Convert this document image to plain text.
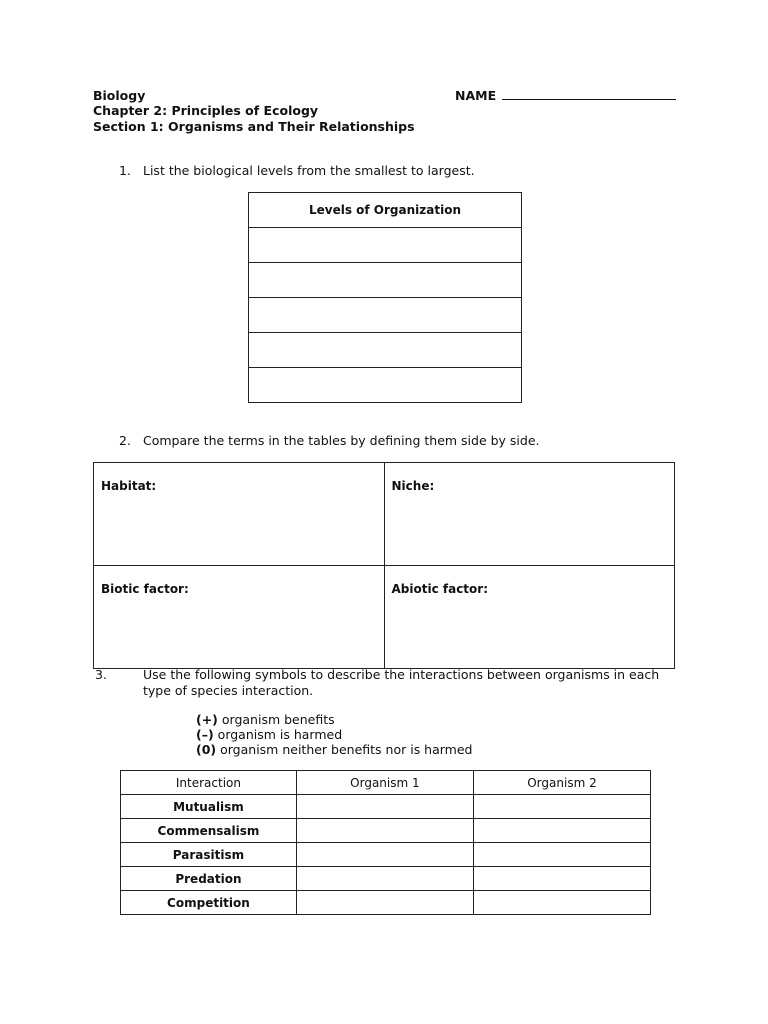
Biology
Chapter 2: Principles of Ecology
Section 1: Organisms and Their Relationships
NAME
1. List the biological levels from the smallest to largest.
Levels of Organization

2. Compare the terms in the tables by defining them side by side.
Habitat:	Niche:
Biotic factor:	Abiotic factor:
3.	Use the following symbols to describe the interactions between organisms in each type of species interaction.
(+) organism benefits
(–) organism is harmed
(0) organism neither benefits nor is harmed
Interaction	Organism 1	Organism 2
Mutualism		
Commensalism		
Parasitism		
Predation		
Competition		
